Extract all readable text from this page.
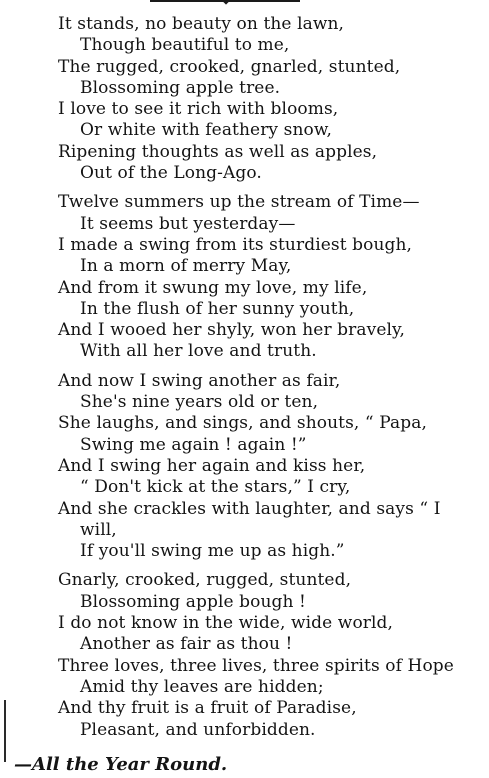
It stands, no beauty on the lawn,
Though beautiful to me,
The rugged, crooked, gnarled, stunted,
Blossoming apple tree.
I love to see it rich with blooms,
Or white with feathery snow,
Ripening thoughts as well as apples,
Out of the Long-Ago.
Twelve summers up the stream of Time—
It seems but yesterday—
I made a swing from its sturdiest bough,
In a morn of merry May,
And from it swung my love, my life,
In the flush of her sunny youth,
And I wooed her shyly, won her bravely,
With all her love and truth.
And now I swing another as fair,
She's nine years old or ten,
She laughs, and sings, and shouts, “ Papa,
Swing me again ! again !”
And I swing her again and kiss her,
“ Don't kick at the stars,” I cry,
And she crackles with laughter, and says “ I
will,
If you'll swing me up as high.”
Gnarly, crooked, rugged, stunted,
Blossoming apple bough !
I do not know in the wide, wide world,
Another as fair as thou !
Three loves, three lives, three spirits of Hope
Amid thy leaves are hidden;
And thy fruit is a fruit of Paradise,
Pleasant, and unforbidden.
—All the Year Round.
